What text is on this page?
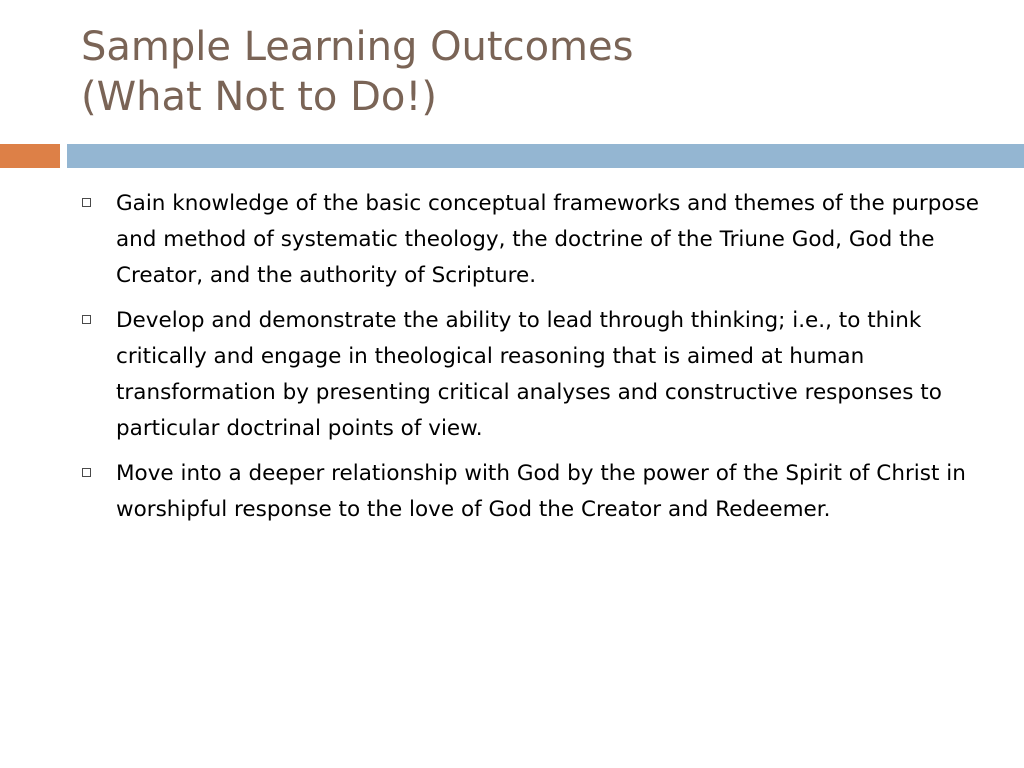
Sample Learning Outcomes
(What Not to Do!)
Gain knowledge of the basic conceptual frameworks and themes of the purpose and method of systematic theology, the doctrine of the Triune God, God the Creator, and the authority of Scripture.
Develop and demonstrate the ability to lead through thinking; i.e., to think critically and engage in theological reasoning that is aimed at human transformation by presenting critical analyses and constructive responses to particular doctrinal points of view.
Move into a deeper relationship with God by the power of the Spirit of Christ in worshipful response to the love of God the Creator and Redeemer.
